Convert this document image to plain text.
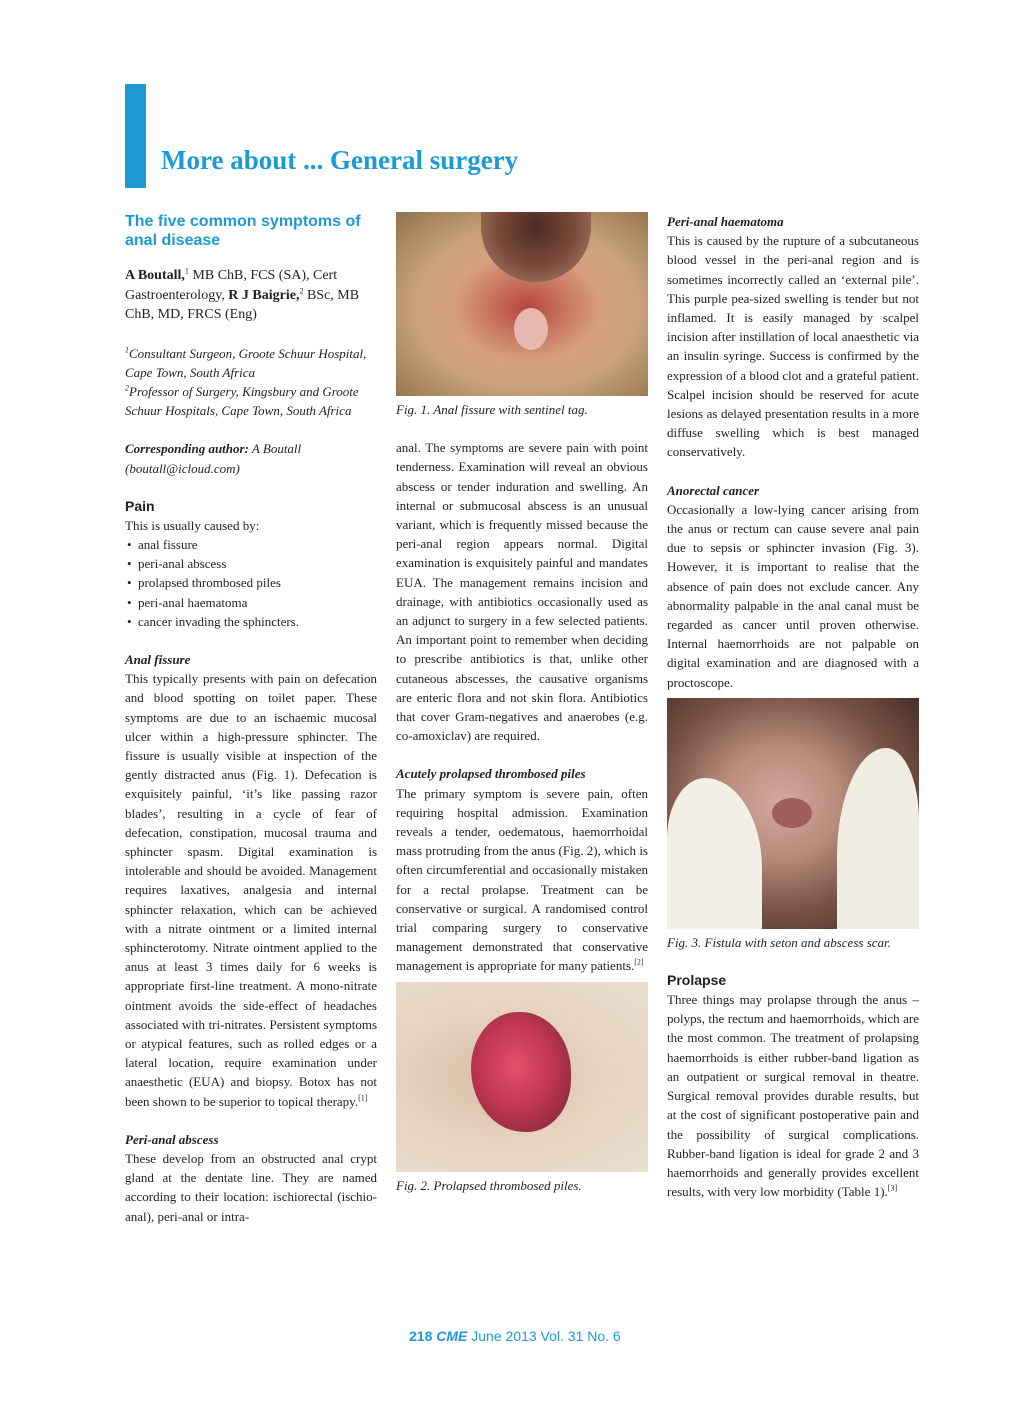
More about ... General surgery

The five common symptoms of anal disease

A Boutall,$^1$ MB ChB, FCS (SA), Cert Gastroenterology, R J Baigrie,$^2$ BSc, MB ChB, MD, FRCS (Eng)

$^1$Consultant Surgeon, Groote Schuur Hospital, Cape Town, South Africa

$^2$Professor of Surgery, Kingsbury and Groote Schuur Hospitals, Cape Town, South Africa

Corresponding author: A Boutall (boutall@icloud.com)

Pain

This is usually caused by:

• anal fissure
• peri-anal abscess
• prolapsed thrombosed piles
• peri-anal haematoma
• cancer invading the sphincters.

Anal fissure

This typically presents with pain on defecation and blood spotting on toilet paper. These symptoms are due to an ischaemic mucosal ulcer within a high-pressure sphincter. The fissure is usually visible at inspection of the gently distracted anus (Fig. 1). Defecation is exquisitely painful, ‘it’s like passing razor blades’, resulting in a cycle of fear of defecation, constipation, mucosal trauma and sphincter spasm. Digital examination is intolerable and should be avoided. Management requires laxatives, analgesia and internal sphincter relaxation, which can be achieved with a nitrate ointment or a limited internal sphincterotomy. Nitrate ointment applied to the anus at least 3 times daily for 6 weeks is appropriate first-line treatment. A mono-nitrate ointment avoids the side-effect of headaches associated with tri-nitrates. Persistent symptoms or atypical features, such as rolled edges or a lateral location, require examination under anaesthetic (EUA) and biopsy. Botox has not been shown to be superior to topical therapy.[1]

Peri-anal abscess

These develop from an obstructed anal crypt gland at the dentate line. They are named according to their location: ischiorectal (ischio-anal), peri-anal or intra-

Fig. 1. Anal fissure with sentinel tag.

anal. The symptoms are severe pain with point tenderness. Examination will reveal an obvious abscess or tender induration and swelling. An internal or submucosal abscess is an unusual variant, which is frequently missed because the peri-anal region appears normal. Digital examination is exquisitely painful and mandates EUA. The management remains incision and drainage, with antibiotics occasionally used as an adjunct to surgery in a few selected patients. An important point to remember when deciding to prescribe antibiotics is that, unlike other cutaneous abscesses, the causative organisms are enteric flora and not skin flora. Antibiotics that cover Gram-negatives and anaerobes (e.g. co-amoxiclav) are required.

Acutely prolapsed thrombosed piles

The primary symptom is severe pain, often requiring hospital admission. Examination reveals a tender, oedematous, haemorrhoidal mass protruding from the anus (Fig. 2), which is often circumferential and occasionally mistaken for a rectal prolapse. Treatment can be conservative or surgical. A randomised control trial comparing surgery to conservative management demonstrated that conservative management is appropriate for many patients.[2]

Fig. 2. Prolapsed thrombosed piles.

Peri-anal haematoma

This is caused by the rupture of a subcutaneous blood vessel in the peri-anal region and is sometimes incorrectly called an ‘external pile’. This purple pea-sized swelling is tender but not inflamed. It is easily managed by scalpel incision after instillation of local anaesthetic via an insulin syringe. Success is confirmed by the expression of a blood clot and a grateful patient. Scalpel incision should be reserved for acute lesions as delayed presentation results in a more diffuse swelling which is best managed conservatively.

Anorectal cancer

Occasionally a low-lying cancer arising from the anus or rectum can cause severe anal pain due to sepsis or sphincter invasion (Fig. 3). However, it is important to realise that the absence of pain does not exclude cancer. Any abnormality palpable in the anal canal must be regarded as cancer until proven otherwise. Internal haemorrhoids are not palpable on digital examination and are diagnosed with a proctoscope.

Fig. 3. Fistula with seton and abscess scar.

Prolapse

Three things may prolapse through the anus – polyps, the rectum and haemorrhoids, which are the most common. The treatment of prolapsing haemorrhoids is either rubber-band ligation as an outpatient or surgical removal in theatre. Surgical removal provides durable results, but at the cost of significant postoperative pain and the possibility of surgical complications. Rubber-band ligation is ideal for grade 2 and 3 haemorrhoids and generally provides excellent results, with very low morbidity (Table 1).[3]

218 CME June 2013 Vol. 31 No. 6
